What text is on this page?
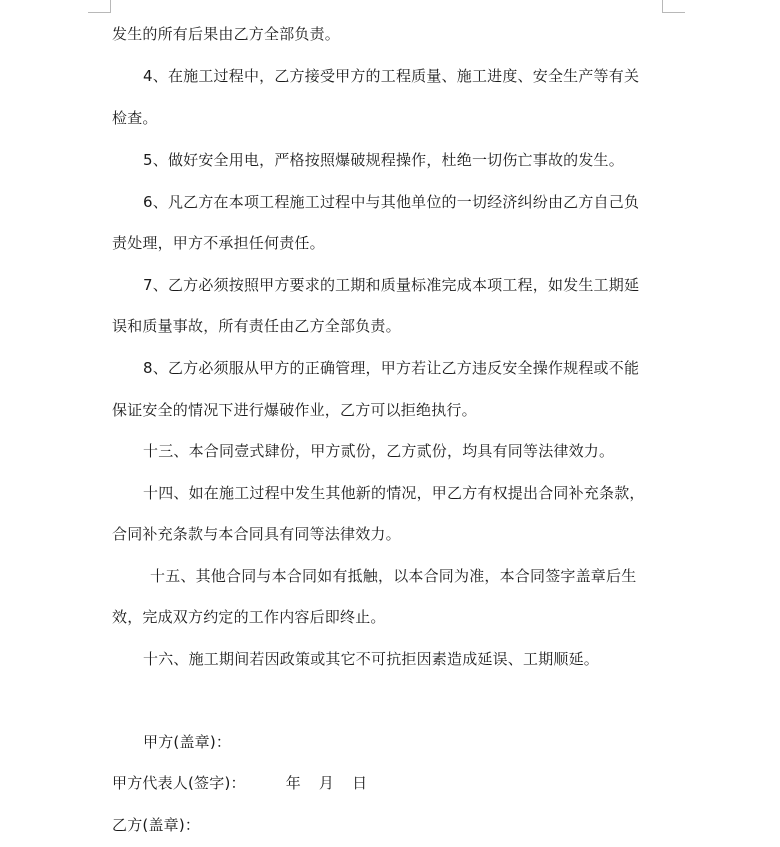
发生的所有后果由乙方全部负责。
4、在施工过程中，乙方接受甲方的工程质量、施工进度、安全生产等有关
检查。
5、做好安全用电，严格按照爆破规程操作，杜绝一切伤亡事故的发生。
6、凡乙方在本项工程施工过程中与其他单位的一切经济纠纷由乙方自己负
责处理，甲方不承担任何责任。
7、乙方必须按照甲方要求的工期和质量标准完成本项工程，如发生工期延
误和质量事故，所有责任由乙方全部负责。
8、乙方必须服从甲方的正确管理，甲方若让乙方违反安全操作规程或不能
保证安全的情况下进行爆破作业，乙方可以拒绝执行。
十三、本合同壹式肆份，甲方贰份，乙方贰份，均具有同等法律效力。
十四、如在施工过程中发生其他新的情况，甲乙方有权提出合同补充条款，
合同补充条款与本合同具有同等法律效力。
十五、其他合同与本合同如有抵触，以本合同为准，本合同签字盖章后生
效，完成双方约定的工作内容后即终止。
十六、施工期间若因政策或其它不可抗拒因素造成延误、工期顺延。
甲方(盖章)：
甲方代表人(签字)：	年 月 日
乙方(盖章)：
